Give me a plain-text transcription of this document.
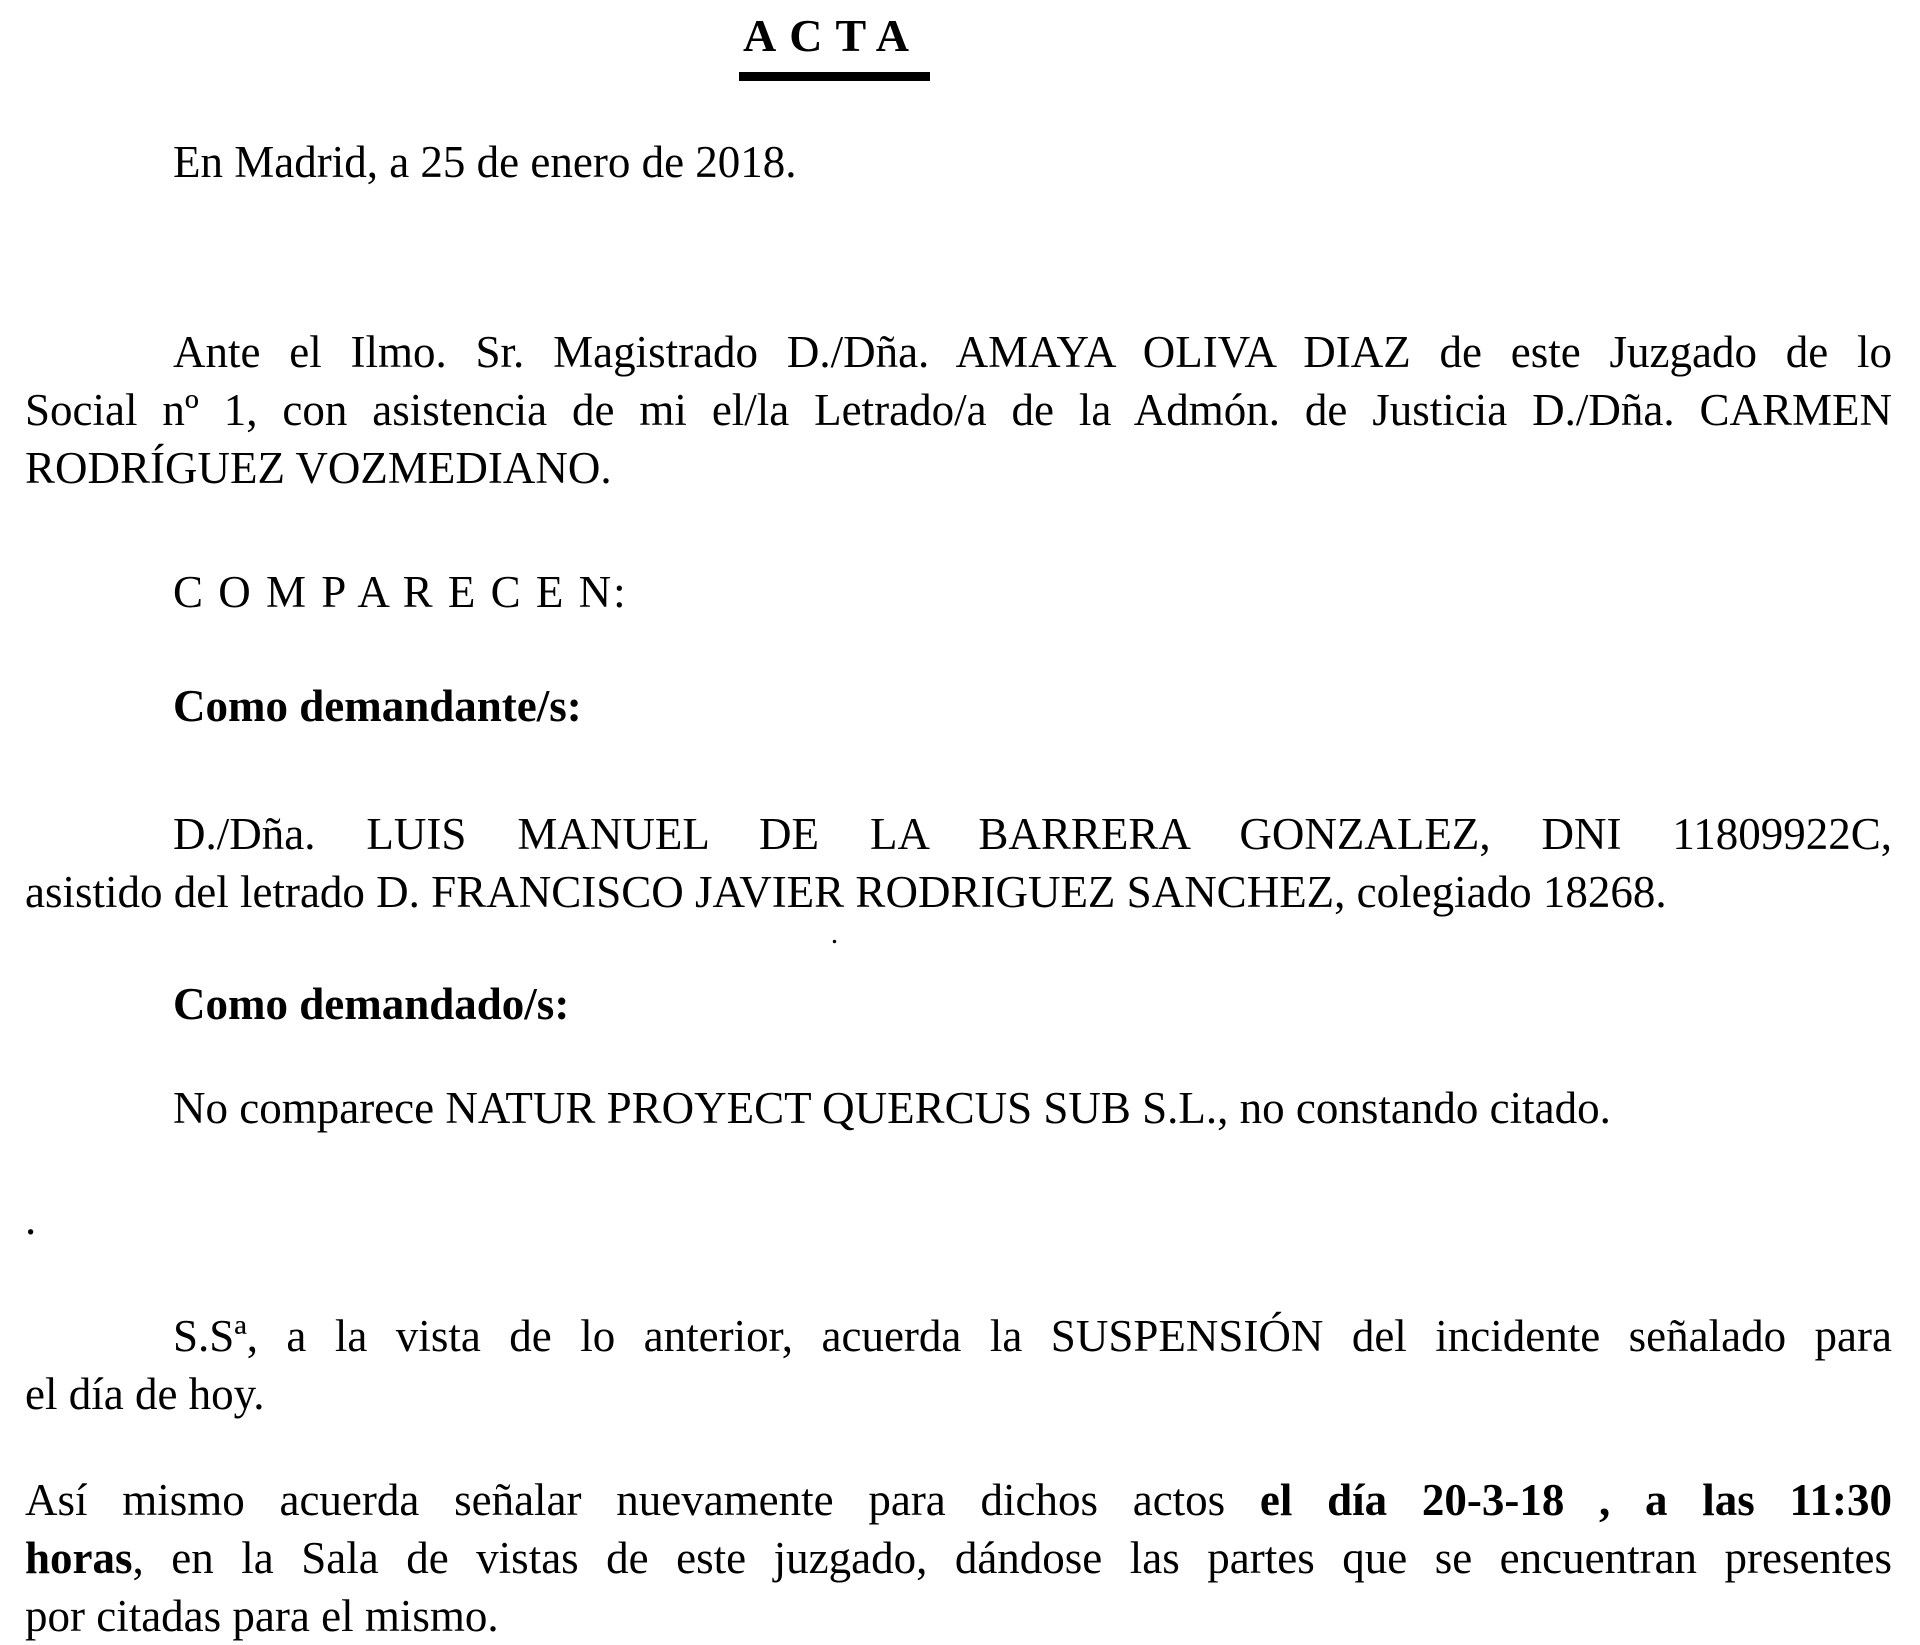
ACTA

En Madrid, a 25 de enero de 2018.

Ante el Ilmo. Sr. Magistrado D./Dña. AMAYA OLIVA DIAZ de este Juzgado de lo
Social nº 1, con asistencia de mi el/la Letrado/a de la Admón. de Justicia D./Dña. CARMEN
RODRÍGUEZ VOZMEDIANO.

C O M P A R E C E N:

Como demandante/s:

D./Dña. LUIS MANUEL DE LA BARRERA GONZALEZ, DNI 11809922C,
asistido del letrado D. FRANCISCO JAVIER RODRIGUEZ SANCHEZ, colegiado 18268.

.

Como demandado/s:

No comparece NATUR PROYECT QUERCUS SUB S.L., no constando citado.

.

S.Sª, a la vista de lo anterior, acuerda la SUSPENSIÓN del incidente señalado para
el día de hoy.

Así mismo acuerda señalar nuevamente para dichos actos el día 20-3-18 , a las 11:30
horas, en la Sala de vistas de este juzgado, dándose las partes que se encuentran presentes
por citadas para el mismo.
